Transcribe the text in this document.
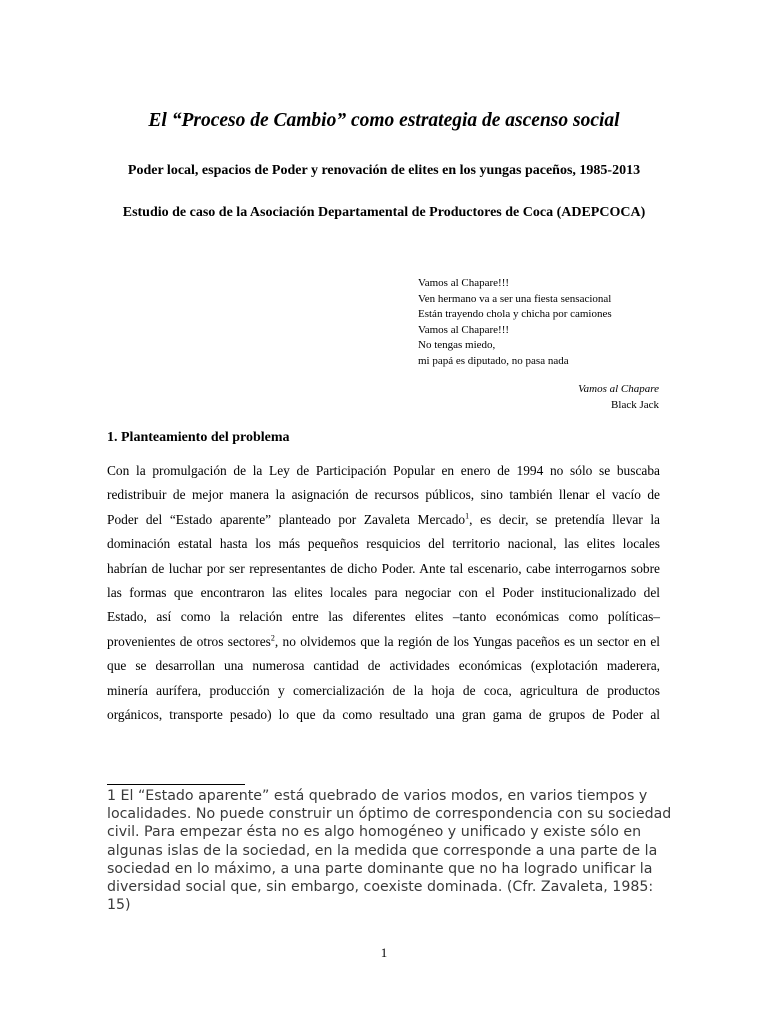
El “Proceso de Cambio” como estrategia de ascenso social
Poder local, espacios de Poder y renovación de elites en los yungas paceños, 1985-2013
Estudio de caso de la Asociación Departamental de Productores de Coca (ADEPCOCA)
Vamos al Chapare!!!
Ven hermano va a ser una fiesta sensacional
Están trayendo chola y chicha por camiones
Vamos al Chapare!!!
No tengas miedo,
mi papá es diputado, no pasa nada
Vamos al Chapare
Black Jack
1. Planteamiento del problema
Con la promulgación de la Ley de Participación Popular en enero de 1994 no sólo se buscaba
redistribuir de mejor manera la asignación de recursos públicos, sino también llenar el vacío de
Poder del “Estado aparente” planteado por Zavaleta Mercado$^1$, es decir, se pretendía llevar la
dominación estatal hasta los más pequeños resquicios del territorio nacional, las elites locales
habrían de luchar por ser representantes de dicho Poder. Ante tal escenario, cabe interrogarnos sobre
las formas que encontraron las elites locales para negociar con el Poder institucionalizado del
Estado, así como la relación entre las diferentes elites –tanto económicas como políticas–
provenientes de otros sectores$^2$, no olvidemos que la región de los Yungas paceños es un sector en el
que se desarrollan una numerosa cantidad de actividades económicas (explotación maderera,
minería aurífera, producción y comercialización de la hoja de coca, agricultura de productos
orgánicos, transporte pesado) lo que da como resultado una gran gama de grupos de Poder al
1 El “Estado aparente” está quebrado de varios modos, en varios tiempos y
localidades. No puede construir un óptimo de correspondencia con su sociedad
civil. Para empezar ésta no es algo homogéneo y unificado y existe sólo en
algunas islas de la sociedad, en la medida que corresponde a una parte de la
sociedad en lo máximo, a una parte dominante que no ha logrado unificar la
diversidad social que, sin embargo, coexiste dominada. (Cfr. Zavaleta, 1985:
15)
1
